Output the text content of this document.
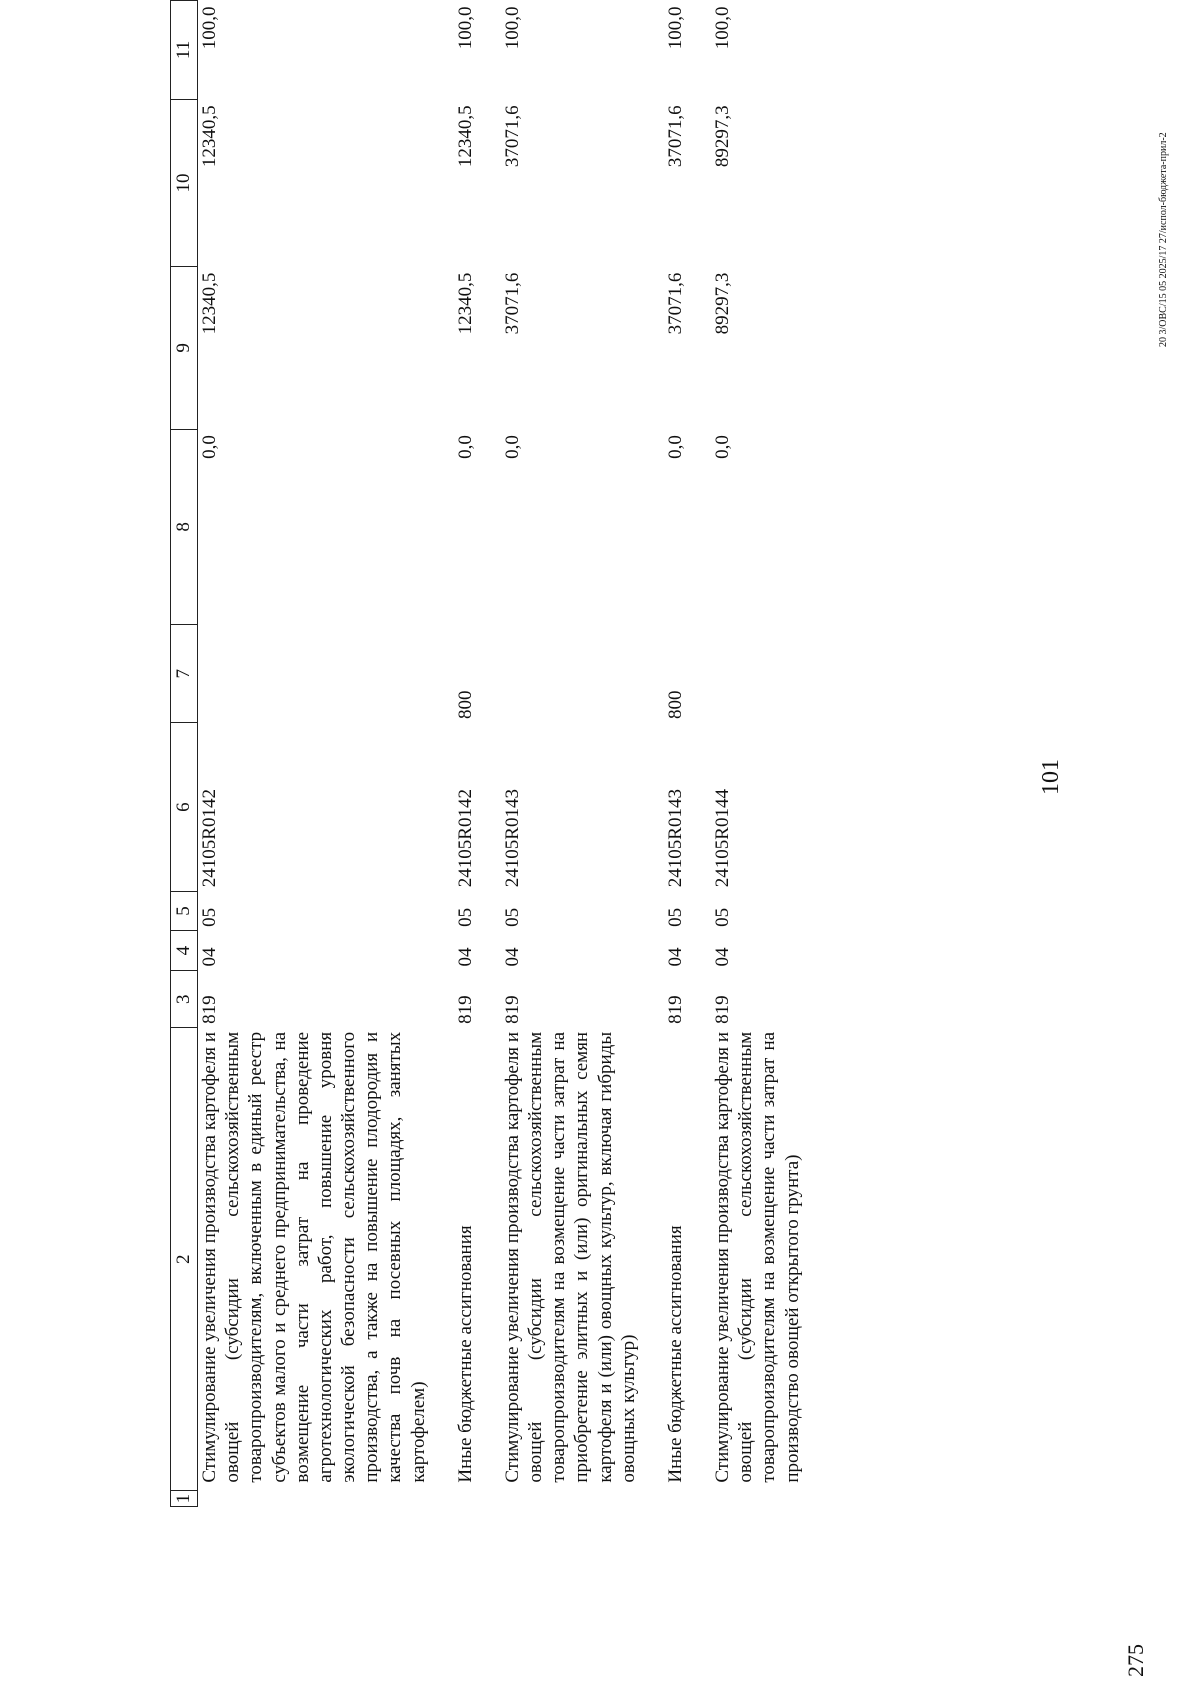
101
1	2	3	4	5	6	7	8	9	10	11
	Стимулирование увеличения производства картофеля и овощей (субсидии сельскохозяйственным товаропроизводителям, включенным в единый реестр субъектов малого и среднего предпринимательства, на возмещение части затрат на проведение агротехнологических работ, повышение уровня экологической безопасности сельскохозяйственного производства, а также на повышение плодородия и качества почв на посевных площадях, занятых картофелем)	819	04	05	24105R0142		0,0	12340,5	12340,5	100,0
	Иные бюджетные ассигнования	819	04	05	24105R0142	800	0,0	12340,5	12340,5	100,0
	Стимулирование увеличения производства картофеля и овощей (субсидии сельскохозяйственным товаропроизводителям на возмещение части затрат на приобретение элитных и (или) оригинальных семян картофеля и (или) овощных культур, включая гибриды овощных культур)	819	04	05	24105R0143		0,0	37071,6	37071,6	100,0
	Иные бюджетные ассигнования	819	04	05	24105R0143	800	0,0	37071,6	37071,6	100,0
	Стимулирование увеличения производства картофеля и овощей (субсидии сельскохозяйственным товаропроизводителям на возмещение части затрат на производство овощей открытого грунта)	819	04	05	24105R0144		0,0	89297,3	89297,3	100,0
20 3/ОВС/15 05 2025/17 27/испол-бюджета-прил-2
275
